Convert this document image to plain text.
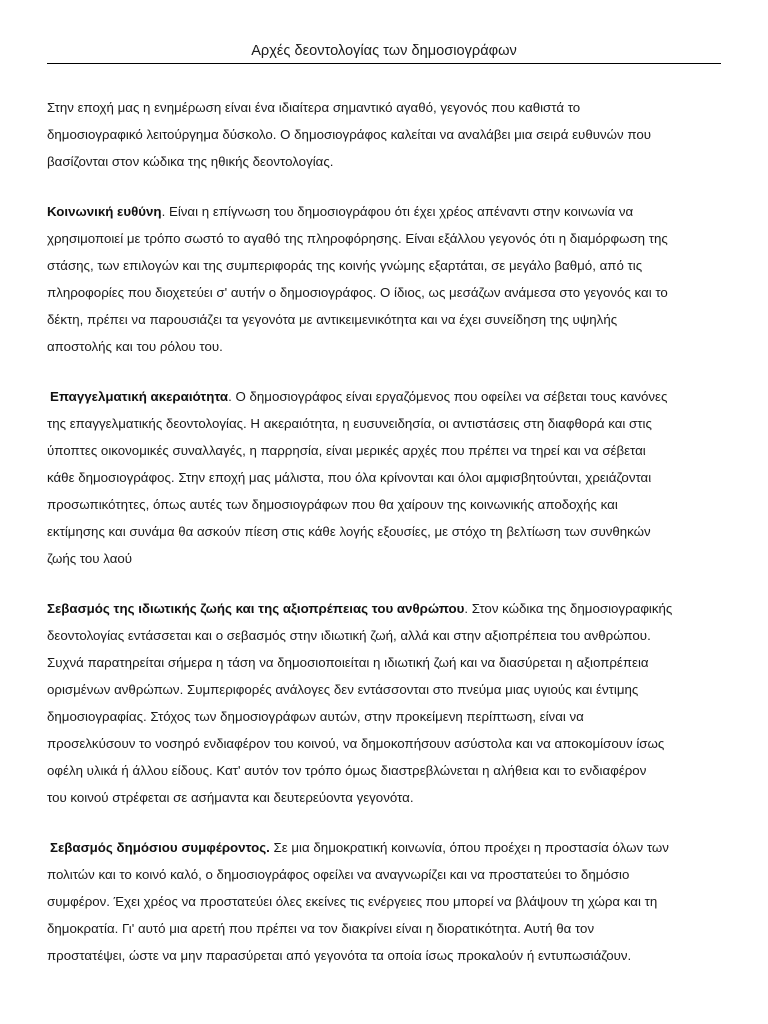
Αρχές δεοντολογίας των δημοσιογράφων

Στην εποχή μας η ενημέρωση είναι ένα ιδιαίτερα σημαντικό αγαθό, γεγονός που καθιστά το
δημοσιογραφικό λειτούργημα δύσκολο. Ο δημοσιογράφος καλείται να αναλάβει μια σειρά ευθυνών που
βασίζονται στον κώδικα της ηθικής δεοντολογίας.

Κοινωνική ευθύνη. Είναι η επίγνωση του δημοσιογράφου ότι έχει χρέος απέναντι στην κοινωνία να
χρησιμοποιεί με τρόπο σωστό το αγαθό της πληροφόρησης. Είναι εξάλλου γεγονός ότι η διαμόρφωση της
στάσης, των επιλογών και της συμπεριφοράς της κοινής γνώμης εξαρτάται, σε μεγάλο βαθμό, από τις
πληροφορίες που διοχετεύει σ' αυτήν ο δημοσιογράφος. Ο ίδιος, ως μεσάζων ανάμεσα στο γεγονός και το
δέκτη, πρέπει να παρουσιάζει τα γεγονότα με αντικειμενικότητα και να έχει συνείδηση της υψηλής
αποστολής και του ρόλου του.

Επαγγελματική ακεραιότητα. Ο δημοσιογράφος είναι εργαζόμενος που οφείλει να σέβεται τους κανόνες
της επαγγελματικής δεοντολογίας. Η ακεραιότητα, η ευσυνειδησία, οι αντιστάσεις στη διαφθορά και στις
ύποπτες οικονομικές συναλλαγές, η παρρησία, είναι μερικές αρχές που πρέπει να τηρεί και να σέβεται
κάθε δημοσιογράφος. Στην εποχή μας μάλιστα, που όλα κρίνονται και όλοι αμφισβητούνται, χρειάζονται
προσωπικότητες, όπως αυτές των δημοσιογράφων που θα χαίρουν της κοινωνικής αποδοχής και
εκτίμησης και συνάμα θα ασκούν πίεση στις κάθε λογής εξουσίες, με στόχο τη βελτίωση των συνθηκών
ζωής του λαού

Σεβασμός της ιδιωτικής ζωής και της αξιοπρέπειας του ανθρώπου. Στον κώδικα της δημοσιογραφικής
δεοντολογίας εντάσσεται και ο σεβασμός στην ιδιωτική ζωή, αλλά και στην αξιοπρέπεια του ανθρώπου.
Συχνά παρατηρείται σήμερα η τάση να δημοσιοποιείται η ιδιωτική ζωή και να διασύρεται η αξιοπρέπεια
ορισμένων ανθρώπων. Συμπεριφορές ανάλογες δεν εντάσσονται στο πνεύμα μιας υγιούς και έντιμης
δημοσιογραφίας. Στόχος των δημοσιογράφων αυτών, στην προκείμενη περίπτωση, είναι να
προσελκύσουν το νοσηρό ενδιαφέρον του κοινού, να δημοκοπήσουν ασύστολα και να αποκομίσουν ίσως
οφέλη υλικά ή άλλου είδους. Κατ' αυτόν τον τρόπο όμως διαστρεβλώνεται η αλήθεια και το ενδιαφέρον
του κοινού στρέφεται σε ασήμαντα και δευτερεύοντα γεγονότα.

Σεβασμός δημόσιου συμφέροντος. Σε μια δημοκρατική κοινωνία, όπου προέχει η προστασία όλων των
πολιτών και το κοινό καλό, ο δημοσιογράφος οφείλει να αναγνωρίζει και να προστατεύει το δημόσιο
συμφέρον. Έχει χρέος να προστατεύει όλες εκείνες τις ενέργειες που μπορεί να βλάψουν τη χώρα και τη
δημοκρατία. Γι' αυτό μια αρετή που πρέπει να τον διακρίνει είναι η διορατικότητα. Αυτή θα τον
προστατέψει, ώστε να μην παρασύρεται από γεγονότα τα οποία ίσως προκαλούν ή εντυπωσιάζουν.
